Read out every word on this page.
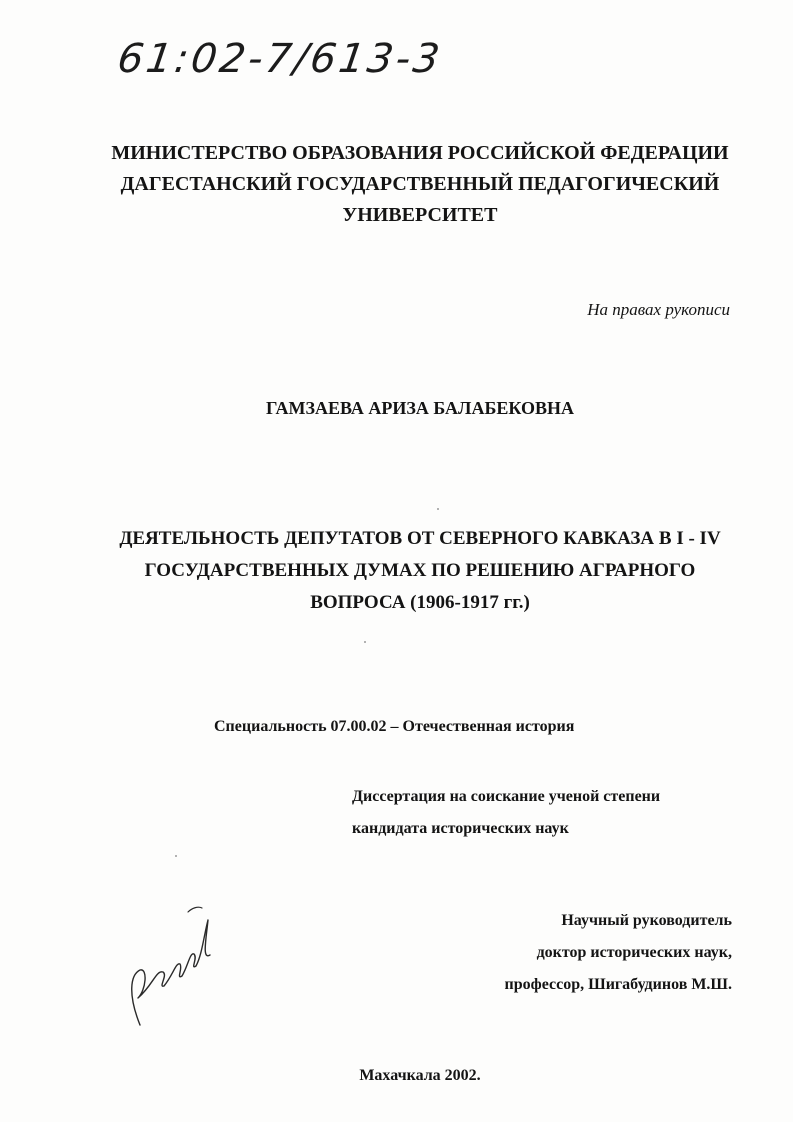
61:02-7/613-3
МИНИСТЕРСТВО ОБРАЗОВАНИЯ РОССИЙСКОЙ ФЕДЕРАЦИИ
ДАГЕСТАНСКИЙ ГОСУДАРСТВЕННЫЙ ПЕДАГОГИЧЕСКИЙ
УНИВЕРСИТЕТ
На правах рукописи
ГАМЗАЕВА АРИЗА БАЛАБЕКОВНА
ДЕЯТЕЛЬНОСТЬ ДЕПУТАТОВ ОТ СЕВЕРНОГО КАВКАЗА В I - IV
ГОСУДАРСТВЕННЫХ ДУМАХ ПО РЕШЕНИЮ АГРАРНОГО
ВОПРОСА (1906-1917 гг.)
Специальность 07.00.02 – Отечественная история
Диссертация на соискание ученой степени
кандидата исторических наук
Научный руководитель
доктор исторических наук,
профессор, Шигабудинов М.Ш.
Махачкала 2002.
